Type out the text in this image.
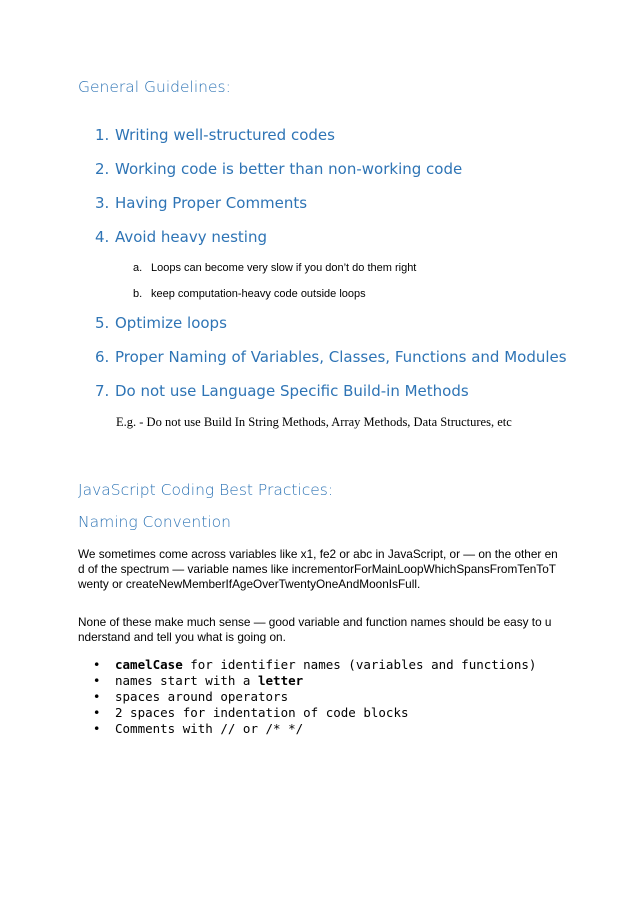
General Guidelines:
1. Writing well-structured codes
2. Working code is better than non-working code
3. Having Proper Comments
4. Avoid heavy nesting
a. Loops can become very slow if you don’t do them right
b. keep computation-heavy code outside loops
5. Optimize loops
6. Proper Naming of Variables, Classes, Functions and Modules
7. Do not use Language Specific Build-in Methods
E.g. - Do not use Build In String Methods, Array Methods, Data Structures, etc
JavaScript Coding Best Practices:
Naming Convention
We sometimes come across variables like x1, fe2 or abc in JavaScript, or — on the other end of the spectrum — variable names like incrementorForMainLoopWhichSpansFromTenToTwenty or createNewMemberIfAgeOverTwentyOneAndMoonIsFull.
None of these make much sense — good variable and function names should be easy to understand and tell you what is going on.
• camelCase for identifier names (variables and functions)
• names start with a letter
• spaces around operators
• 2 spaces for indentation of code blocks
• Comments with // or /* */
